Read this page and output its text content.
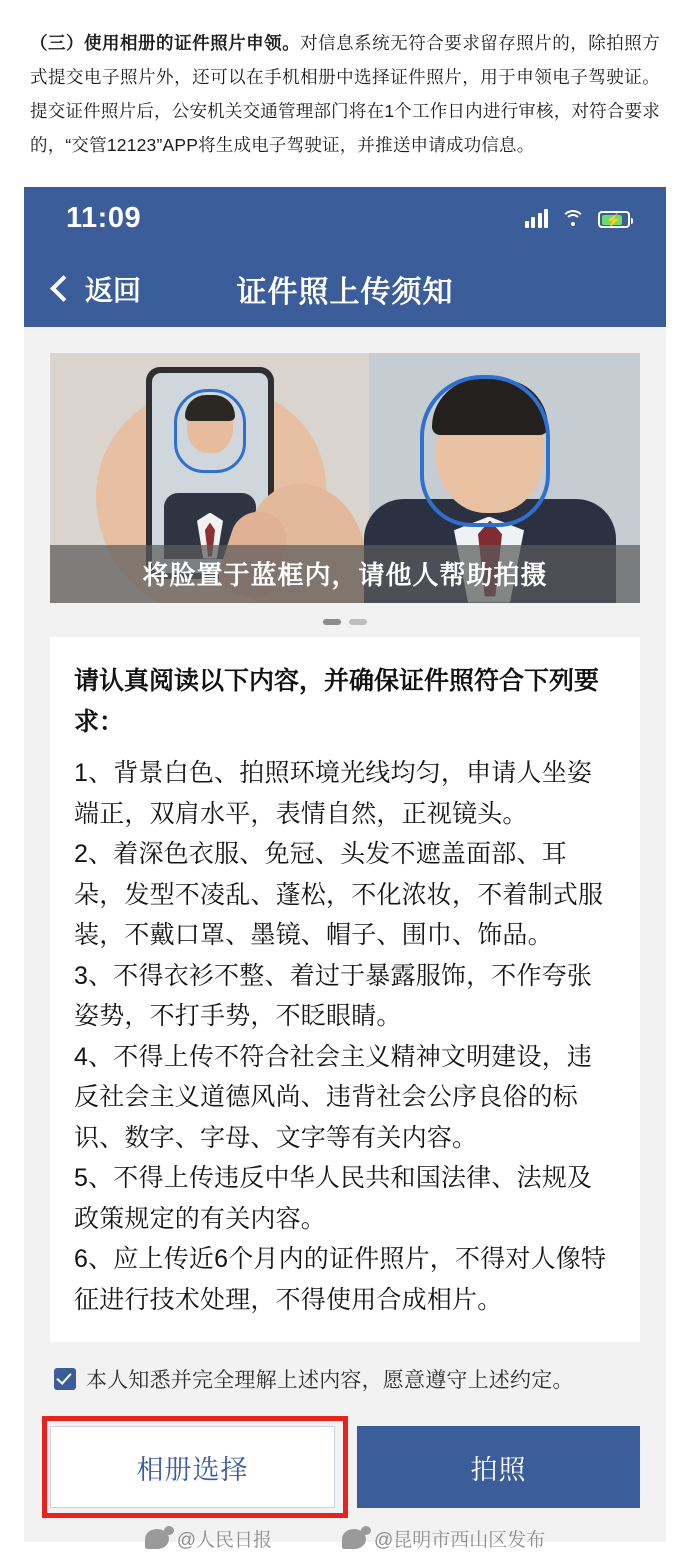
（三）使用相册的证件照片申领。对信息系统无符合要求留存照片的，除拍照方式提交电子照片外，还可以在手机相册中选择证件照片，用于申领电子驾驶证。提交证件照片后，公安机关交通管理部门将在1个工作日内进行审核，对符合要求的，“交管12123”APP将生成电子驾驶证，并推送申请成功信息。
11:09	⚡
返回	证件照上传须知
将脸置于蓝框内，请他人帮助拍摄
请认真阅读以下内容，并确保证件照符合下列要求：

1、背景白色、拍照环境光线均匀，申请人坐姿端正，双肩水平，表情自然，正视镜头。

2、着深色衣服、免冠、头发不遮盖面部、耳朵，发型不凌乱、蓬松，不化浓妆，不着制式服装，不戴口罩、墨镜、帽子、围巾、饰品。

3、不得衣衫不整、着过于暴露服饰，不作夸张姿势，不打手势，不眨眼睛。

4、不得上传不符合社会主义精神文明建设，违反社会主义道德风尚、违背社会公序良俗的标识、数字、字母、文字等有关内容。

5、不得上传违反中华人民共和国法律、法规及政策规定的有关内容。

6、应上传近6个月内的证件照片，不得对人像特征进行技术处理，不得使用合成相片。

本人知悉并完全理解上述内容，愿意遵守上述约定。
相册选择	拍照
@人民日报	@昆明市西山区发布
